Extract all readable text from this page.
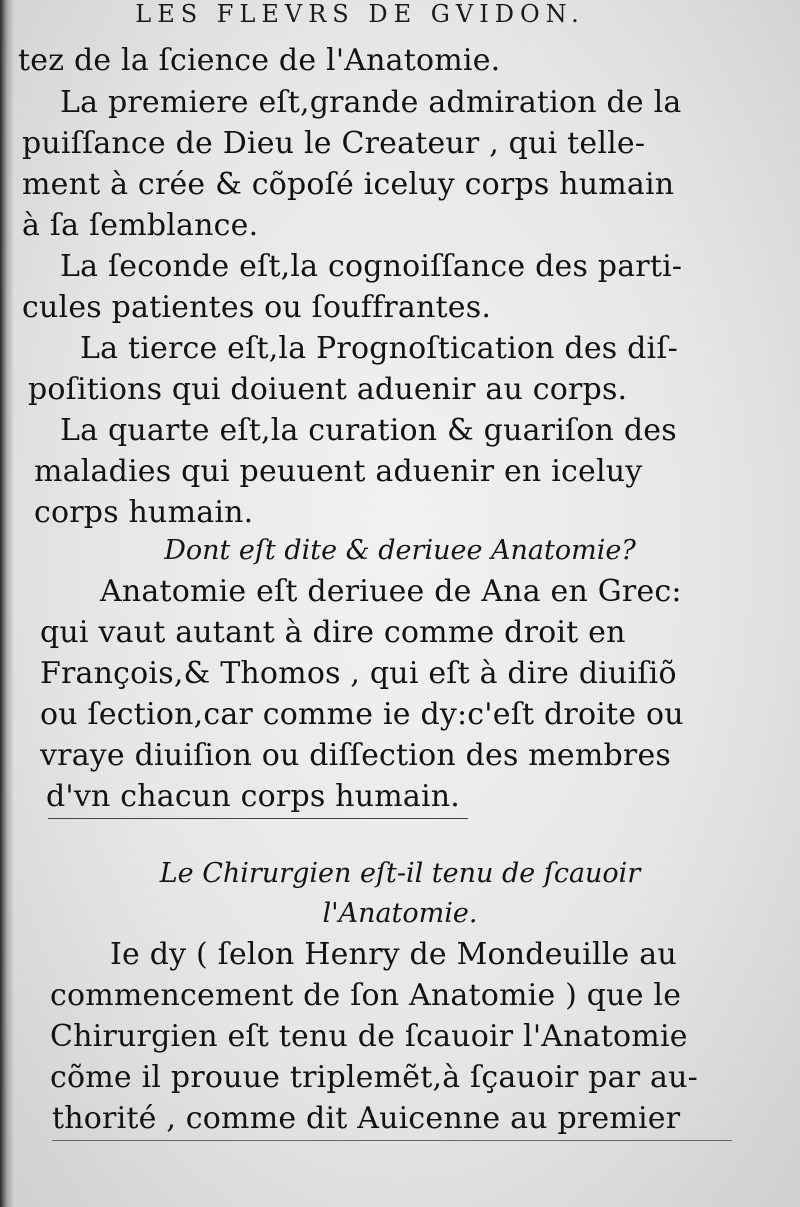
LES FLEVRS DE GVIDON.
tez de la ſcience de l'Anatomie.
La premiere eſt,grande admiration de la
puiſſance de Dieu le Createur , qui telle-
ment à crée & cõpoſé iceluy corps humain
à ſa ſemblance.
La ſeconde eſt,la cognoiſſance des parti-
cules patientes ou ſouffrantes.
La tierce eſt,la Prognoſtication des diſ-
poſitions qui doiuent aduenir au corps.
La quarte eſt,la curation & guariſon des
maladies qui peuuent aduenir en iceluy
corps humain.
Dont eſt dite & deriuee Anatomie?
Anatomie eſt deriuee de Ana en Grec:
qui vaut autant à dire comme droit en
François,& Thomos , qui eſt à dire diuiſiõ
ou ſection,car comme ie dy:c'eſt droite ou
vraye diuiſion ou diſſection des membres
d'vn chacun corps humain.
Le Chirurgien eſt-il tenu de ſcauoir
l'Anatomie.
Ie dy ( ſelon Henry de Mondeuille au
commencement de ſon Anatomie ) que le
Chirurgien eſt tenu de ſcauoir l'Anatomie
cõme il prouue triplemẽt,à ſçauoir par au-
thorité , comme dit Auicenne au premier
